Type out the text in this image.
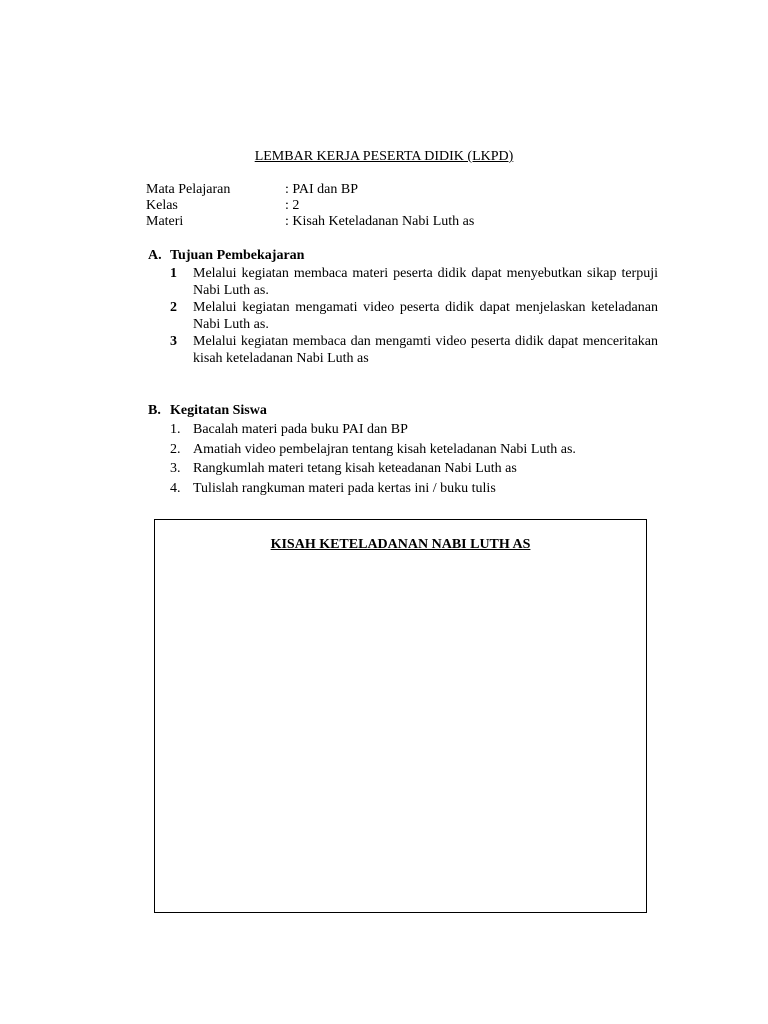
LEMBAR KERJA PESERTA DIDIK (LKPD)
Mata Pelajaran	: PAI dan BP
Kelas	: 2
Materi	: Kisah Keteladanan Nabi Luth as
A. Tujuan Pembekajaran
1	Melalui kegiatan membaca materi peserta didik dapat menyebutkan sikap terpuji Nabi Luth as.
2	Melalui kegiatan mengamati video peserta didik dapat menjelaskan keteladanan Nabi Luth as.
3	Melalui kegiatan membaca dan mengamti video peserta didik dapat menceritakan kisah keteladanan Nabi Luth as
B. Kegitatan Siswa
1. Bacalah materi pada buku PAI dan BP
2. Amatiah video pembelajran tentang kisah keteladanan Nabi Luth as.
3. Rangkumlah materi tetang kisah keteadanan Nabi Luth as
4. Tulislah rangkuman materi pada kertas ini / buku tulis
KISAH KETELADANAN NABI LUTH AS
